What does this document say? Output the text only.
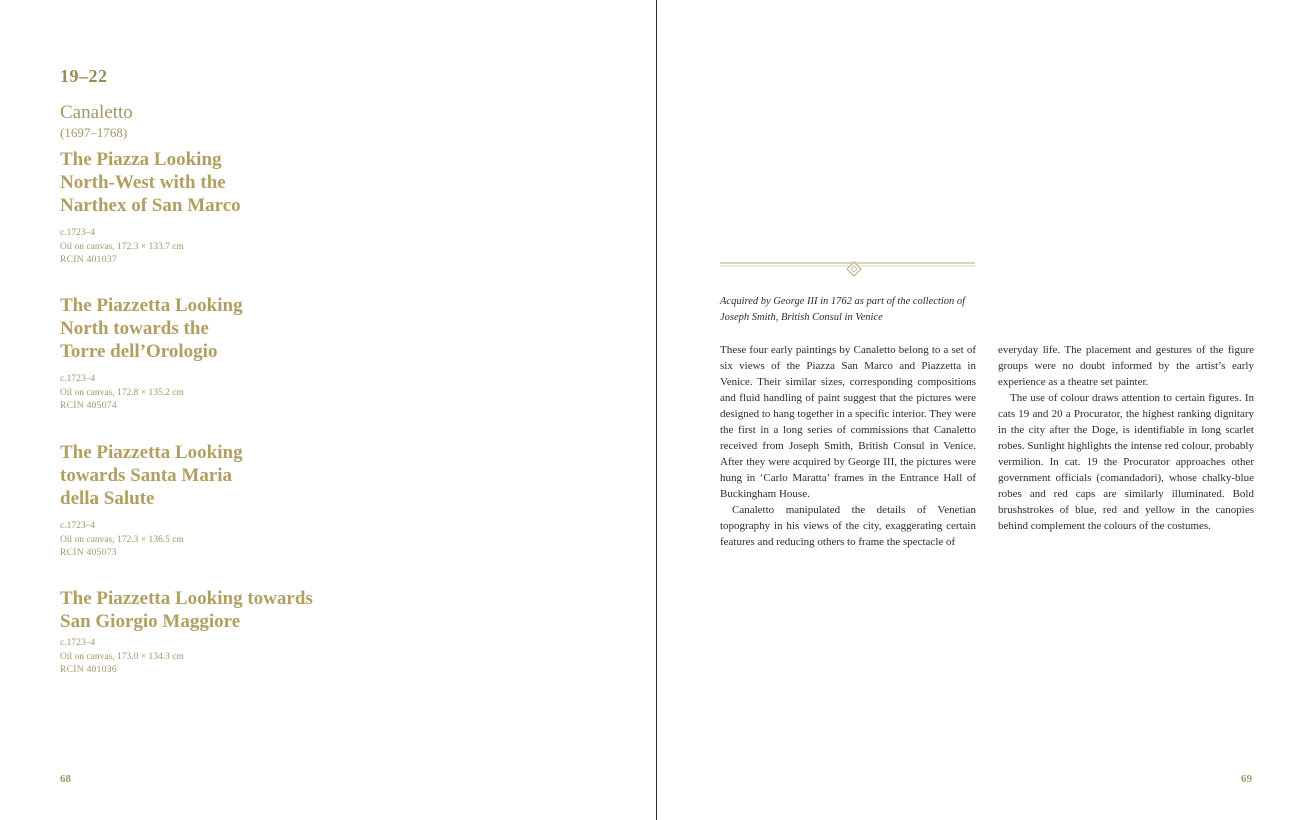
19–22
Canaletto
(1697–1768)
The Piazza Looking
North-West with the
Narthex of San Marco
c.1723–4
Oil on canvas, 172.3 × 133.7 cm
RCIN 401037
The Piazzetta Looking
North towards the
Torre dell’Orologio
c.1723–4
Oil on canvas, 172.8 × 135.2 cm
RCIN 405074
The Piazzetta Looking
towards Santa Maria
della Salute
c.1723–4
Oil on canvas, 172.3 × 136.5 cm
RCIN 405073
The Piazzetta Looking towards
San Giorgio Maggiore
c.1723–4
Oil on canvas, 173.0 × 134.3 cm
RCIN 401036
68
Acquired by George III in 1762 as part of the collection of Joseph Smith, British Consul in Venice

These four early paintings by Canaletto belong to a set of six views of the Piazza San Marco and Piazzetta in Venice. Their similar sizes, corresponding compositions and fluid handling of paint suggest that the pictures were designed to hang together in a specific interior. They were the first in a long series of commissions that Canaletto received from Joseph Smith, British Consul in Venice. After they were acquired by George III, the pictures were hung in ‘Carlo Maratta’ frames in the Entrance Hall of Buckingham House.

Canaletto manipulated the details of Venetian topography in his views of the city, exaggerating certain features and reducing others to frame the spectacle of

everyday life. The placement and gestures of the figure groups were no doubt informed by the artist’s early experience as a theatre set painter.

The use of colour draws attention to certain figures. In cats 19 and 20 a Procurator, the highest ranking dignitary in the city after the Doge, is identifiable in long scarlet robes. Sunlight highlights the intense red colour, probably vermilion. In cat. 19 the Procurator approaches other government officials (comandadori), whose chalky-blue robes and red caps are similarly illuminated. Bold brushstrokes of blue, red and yellow in the canopies behind complement the colours of the costumes.

69
